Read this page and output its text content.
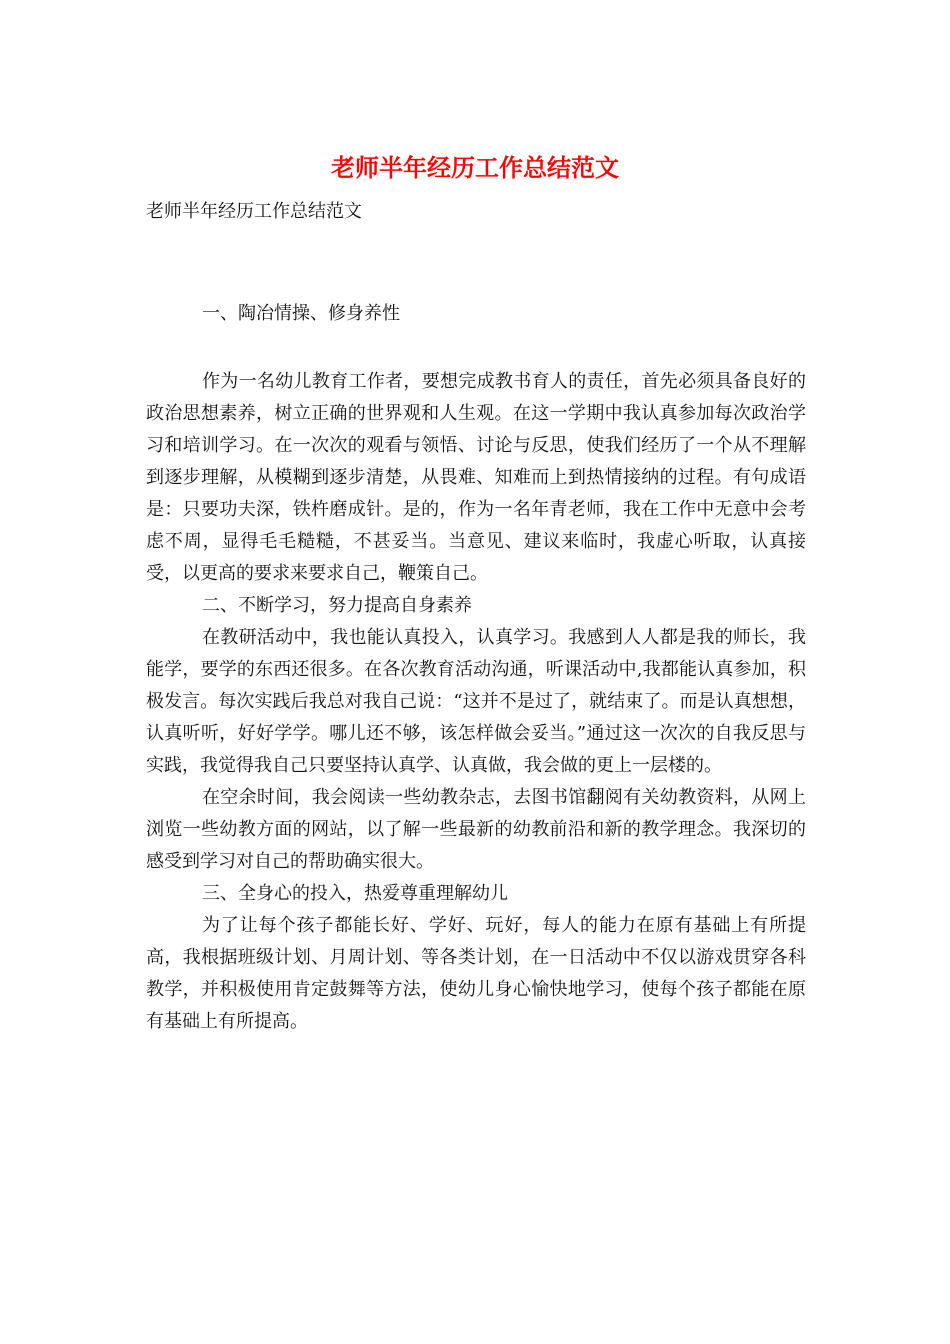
老师半年经历工作总结范文
老师半年经历工作总结范文
一、陶冶情操、修身养性

作为一名幼儿教育工作者，要想完成教书育人的责任，首先必须具备良好的政治思想素养，树立正确的世界观和人生观。在这一学期中我认真参加每次政治学习和培训学习。在一次次的观看与领悟、讨论与反思，使我们经历了一个从不理解到逐步理解，从模糊到逐步清楚，从畏难、知难而上到热情接纳的过程。有句成语是：只要功夫深，铁杵磨成针。是的，作为一名年青老师，我在工作中无意中会考虑不周，显得毛毛糙糙，不甚妥当。当意见、建议来临时，我虚心听取，认真接受，以更高的要求来要求自己，鞭策自己。

二、不断学习，努力提高自身素养

在教研活动中，我也能认真投入，认真学习。我感到人人都是我的师长，我能学，要学的东西还很多。在各次教育活动沟通，听课活动中,我都能认真参加，积极发言。每次实践后我总对我自己说：“这并不是过了，就结束了。而是认真想想，认真听听，好好学学。哪儿还不够，该怎样做会妥当。”通过这一次次的自我反思与实践，我觉得我自己只要坚持认真学、认真做，我会做的更上一层楼的。

在空余时间，我会阅读一些幼教杂志，去图书馆翻阅有关幼教资料，从网上浏览一些幼教方面的网站，以了解一些最新的幼教前沿和新的教学理念。我深切的感受到学习对自己的帮助确实很大。

三、全身心的投入，热爱尊重理解幼儿

为了让每个孩子都能长好、学好、玩好，每人的能力在原有基础上有所提高，我根据班级计划、月周计划、等各类计划，在一日活动中不仅以游戏贯穿各科教学，并积极使用肯定鼓舞等方法，使幼儿身心愉快地学习，使每个孩子都能在原有基础上有所提高。
